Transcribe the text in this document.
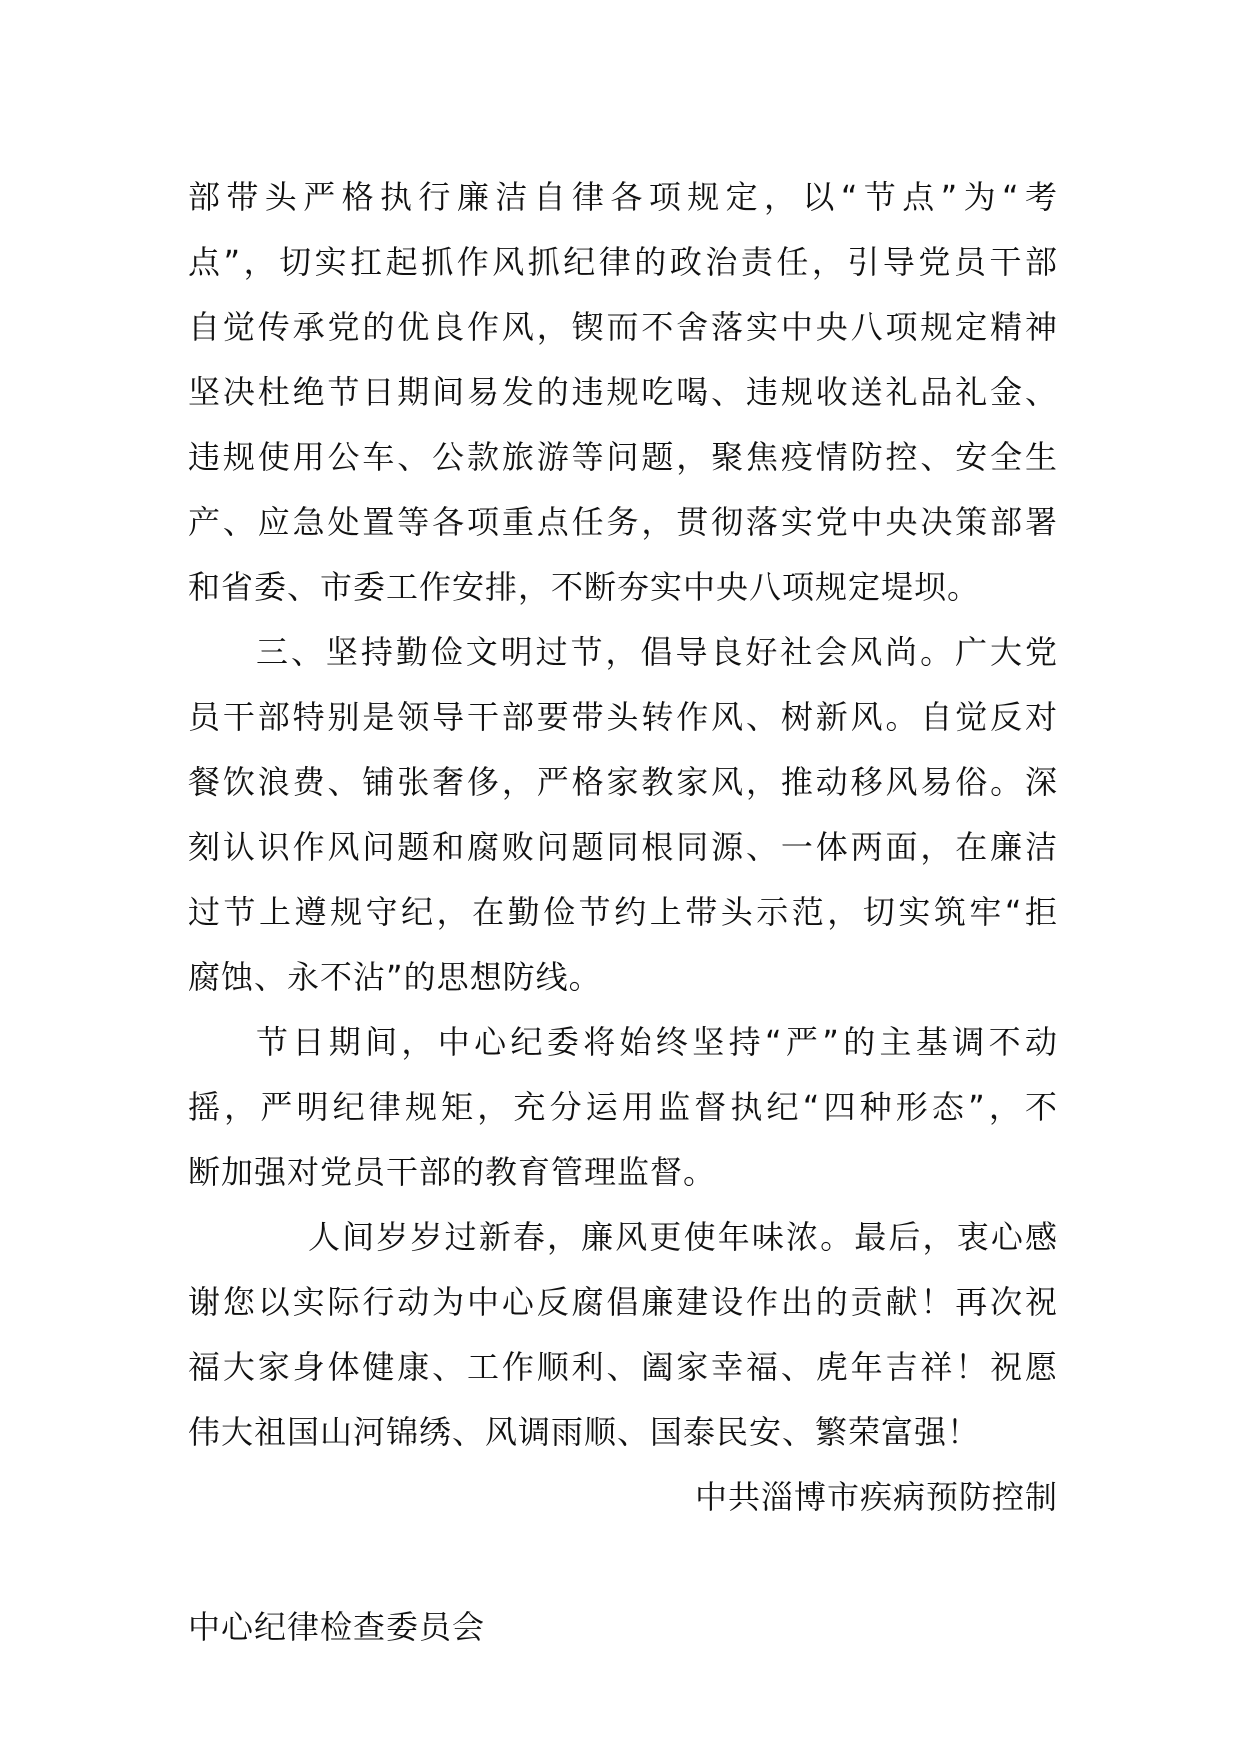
部带头严格执行廉洁自律各项规定，以“节点”为“考
点”，切实扛起抓作风抓纪律的政治责任，引导党员干部
自觉传承党的优良作风，锲而不舍落实中央八项规定精神
坚决杜绝节日期间易发的违规吃喝、违规收送礼品礼金、
违规使用公车、公款旅游等问题，聚焦疫情防控、安全生
产、应急处置等各项重点任务，贯彻落实党中央决策部署
和省委、市委工作安排，不断夯实中央八项规定堤坝。
三、坚持勤俭文明过节，倡导良好社会风尚。广大党
员干部特别是领导干部要带头转作风、树新风。自觉反对
餐饮浪费、铺张奢侈，严格家教家风，推动移风易俗。深
刻认识作风问题和腐败问题同根同源、一体两面，在廉洁
过节上遵规守纪，在勤俭节约上带头示范，切实筑牢“拒
腐蚀、永不沾”的思想防线。
节日期间，中心纪委将始终坚持“严”的主基调不动
摇，严明纪律规矩，充分运用监督执纪“四种形态”，不
断加强对党员干部的教育管理监督。
人间岁岁过新春，廉风更使年味浓。最后，衷心感
谢您以实际行动为中心反腐倡廉建设作出的贡献！再次祝
福大家身体健康、工作顺利、阖家幸福、虎年吉祥！祝愿
伟大祖国山河锦绣、风调雨顺、国泰民安、繁荣富强！
中共淄博市疾病预防控制
中心纪律检查委员会
